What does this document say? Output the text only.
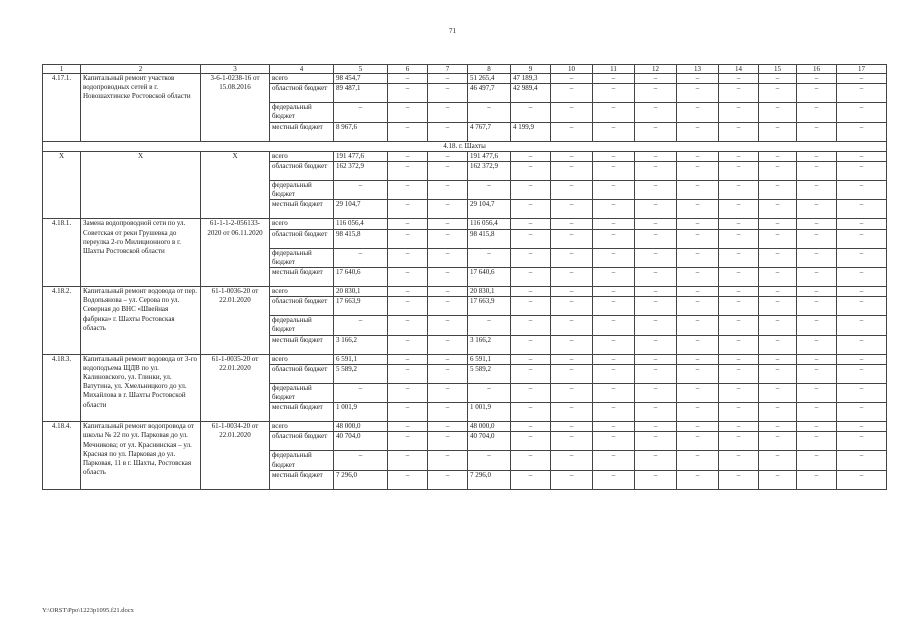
71
1	2	3	4	5	6	7	8	9	10	11	12	13	14	15	16	17
4.17.1.	Капитальный ремонт участков водопроводных сетей в г. Новошахтинске Ростовской области	3-6-1-0238-16 от 15.08.2016	всего	98 454,7	–	–	51 265,4	47 189,3	–	–	–	–	–	–	–	–
			областной бюджет	89 487,1	–	–	46 497,7	42 989,4	–	–	–	–	–	–	–	–
			федеральный бюджет	–	–	–	–	–	–	–	–	–	–	–	–	–
			местный бюджет	8 967,6	–	–	4 767,7	4 199,9	–	–	–	–	–	–	–	–
4.18. г. Шахты																
Х	Х	Х	всего	191 477,6	–	–	191 477,6	–	–	–	–	–	–	–	–	–
			областной бюджет	162 372,9	–	–	162 372,9	–	–	–	–	–	–	–	–	–
			федеральный бюджет	–	–	–	–	–	–	–	–	–	–	–	–	–
			местный бюджет	29 104,7	–	–	29 104,7	–	–	–	–	–	–	–	–	–
4.18.1.	Замена водопроводной сети по ул. Советская от реки Грушевка до переулка 2-го Милиционного в г. Шахты Ростовской области	61-1-1-2-056133-2020 от 06.11.2020	всего	116 056,4	–	–	116 056,4	–	–	–	–	–	–	–	–	–
			областной бюджет	98 415,8	–	–	98 415,8	–	–	–	–	–	–	–	–	–
			федеральный бюджет	–	–	–	–	–	–	–	–	–	–	–	–	–
			местный бюджет	17 640,6	–	–	17 640,6	–	–	–	–	–	–	–	–	–
4.18.2.	Капитальный ремонт водовода от пер. Водопьянова – ул. Серова по ул. Северная до ВНС «Швейная фабрика» г. Шахты Ростовская область	61-1-0036-20 от 22.01.2020	всего	20 830,1	–	–	20 830,1	–	–	–	–	–	–	–	–	–
			областной бюджет	17 663,9	–	–	17 663,9	–	–	–	–	–	–	–	–	–
			федеральный бюджет	–	–	–	–	–	–	–	–	–	–	–	–	–
			местный бюджет	3 166,2	–	–	3 166,2	–	–	–	–	–	–	–	–	–
4.18.3.	Капитальный ремонт водовода от 3-го водоподъема ЩДВ по ул. Калиновского, ул. Глинки, ул. Ватутина, ул. Хмельницкого до ул. Михайлова в г. Шахты Ростовской области	61-1-0035-20 от 22.01.2020	всего	6 591,1	–	–	6 591,1	–	–	–	–	–	–	–	–	–
			областной бюджет	5 589,2	–	–	5 589,2	–	–	–	–	–	–	–	–	–
			федеральный бюджет	–	–	–	–	–	–	–	–	–	–	–	–	–
			местный бюджет	1 001,9	–	–	1 001,9	–	–	–	–	–	–	–	–	–
4.18.4.	Капитальный ремонт водопровода от школы № 22 по ул. Парковая до ул. Мечникова; от ул. Краснинская – ул. Красная по ул. Парковая до ул. Парковая, 11 в г. Шахты, Ростовская область	61-1-0034-20 от 22.01.2020	всего	48 000,0	–	–	48 000,0	–	–	–	–	–	–	–	–	–
			областной бюджет	40 704,0	–	–	40 704,0	–	–	–	–	–	–	–	–	–
			федеральный бюджет	–	–	–	–	–	–	–	–	–	–	–	–	–
			местный бюджет	7 296,0	–	–	7 296,0	–	–	–	–	–	–	–	–	–
Y:\ORST\Ppo\1223p1095.f21.docx
